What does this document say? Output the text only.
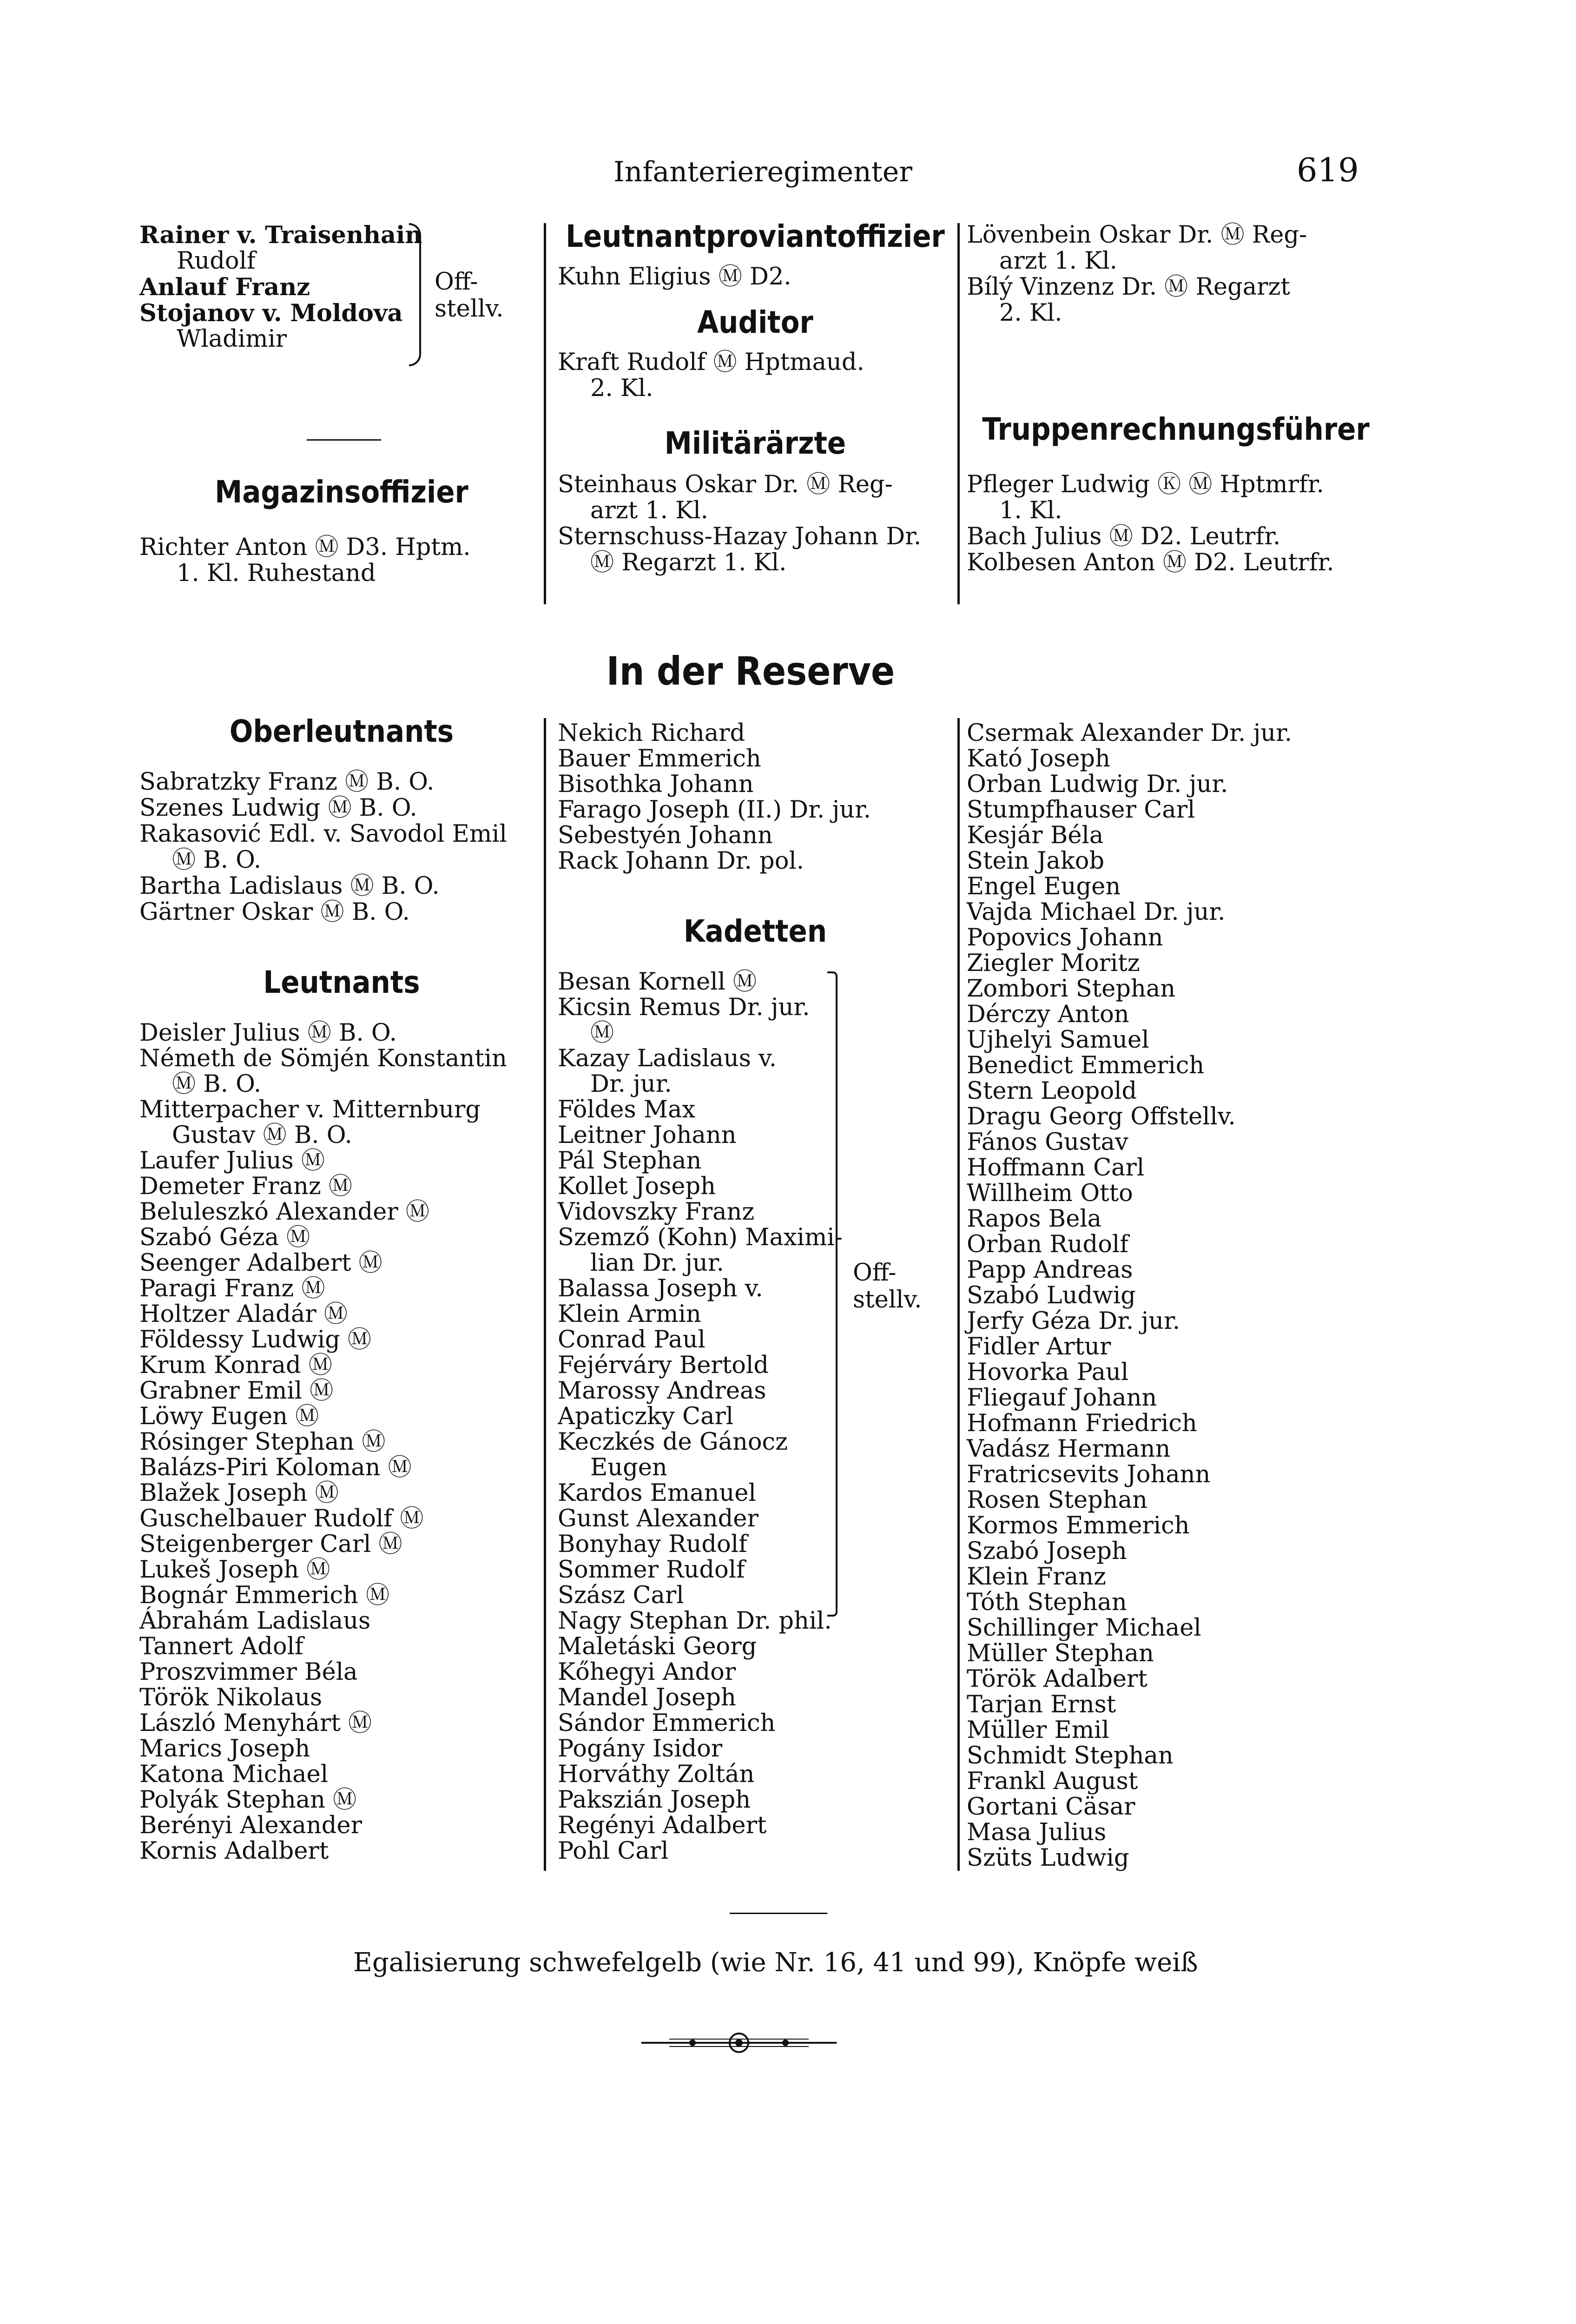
Infanterieregimenter	619
Rainer v. Traisenhain
Rudolf
Anlauf Franz
Stojanov v. Moldova
Wladimir
Off-
stellv.
Magazinsoffizier
Richter Anton Ⓜ D3. Hptm.
1. Kl. Ruhestand
Oberleutnants
Sabratzky Franz Ⓜ B. O.
Szenes Ludwig Ⓜ B. O.
Rakasović Edl. v. Savodol Emil
Ⓜ B. O.
Bartha Ladislaus Ⓜ B. O.
Gärtner Oskar Ⓜ B. O.
Leutnants
Deisler Julius Ⓜ B. O.
Németh de Sömjén Konstantin
Ⓜ B. O.
Mitterpacher v. Mitternburg
Gustav Ⓜ B. O.
Laufer Julius Ⓜ
Demeter Franz Ⓜ
Beluleszkó Alexander Ⓜ
Szabó Géza Ⓜ
Seenger Adalbert Ⓜ
Paragi Franz Ⓜ
Holtzer Aladár Ⓜ
Földessy Ludwig Ⓜ
Krum Konrad Ⓜ
Grabner Emil Ⓜ
Löwy Eugen Ⓜ
Rósinger Stephan Ⓜ
Balázs-Piri Koloman Ⓜ
Blažek Joseph Ⓜ
Guschelbauer Rudolf Ⓜ
Steigenberger Carl Ⓜ
Lukeš Joseph Ⓜ
Bognár Emmerich Ⓜ
Ábrahám Ladislaus
Tannert Adolf
Proszvimmer Béla
Török Nikolaus
László Menyhárt Ⓜ
Marics Joseph
Katona Michael
Polyák Stephan Ⓜ
Berényi Alexander
Kornis Adalbert
Leutnantproviantoffizier
Kuhn Eligius Ⓜ D2.
Auditor
Kraft Rudolf Ⓜ Hptmaud.
2. Kl.
Militärärzte
Steinhaus Oskar Dr. Ⓜ Reg-
arzt 1. Kl.
Sternschuss-Hazay Johann Dr.
Ⓜ Regarzt 1. Kl.
In der Reserve
Nekich Richard
Bauer Emmerich
Bisothka Johann
Farago Joseph (II.) Dr. jur.
Sebestyén Johann
Rack Johann Dr. pol.
Kadetten
Besan Kornell Ⓜ
Kicsin Remus Dr. jur.
Ⓜ
Kazay Ladislaus v.
Dr. jur.
Földes Max
Leitner Johann
Pál Stephan
Kollet Joseph
Vidovszky Franz
Szemző (Kohn) Maximi-
lian Dr. jur.
Balassa Joseph v.
Klein Armin
Conrad Paul
Fejérváry Bertold
Marossy Andreas
Apaticzky Carl
Keczkés de Gánocz
Eugen
Kardos Emanuel
Gunst Alexander
Bonyhay Rudolf
Sommer Rudolf
Szász Carl
Nagy Stephan Dr. phil.
Maletáski Georg
Kőhegyi Andor
Mandel Joseph
Sándor Emmerich
Pogány Isidor
Horváthy Zoltán
Pakszián Joseph
Regényi Adalbert
Pohl Carl
Off-
stellv.
Lövenbein Oskar Dr. Ⓜ Reg-
arzt 1. Kl.
Bílý Vinzenz Dr. Ⓜ Regarzt
2. Kl.
Truppenrechnungsführer
Pfleger Ludwig Ⓚ Ⓜ Hptmrfr.
1. Kl.
Bach Julius Ⓜ D2. Leutrfr.
Kolbesen Anton Ⓜ D2. Leutrfr.
Csermak Alexander Dr. jur.
Kató Joseph
Orban Ludwig Dr. jur.
Stumpfhauser Carl
Kesjár Béla
Stein Jakob
Engel Eugen
Vajda Michael Dr. jur.
Popovics Johann
Ziegler Moritz
Zombori Stephan
Dérczy Anton
Ujhelyi Samuel
Benedict Emmerich
Stern Leopold
Dragu Georg Offstellv.
Fános Gustav
Hoffmann Carl
Willheim Otto
Rapos Bela
Orban Rudolf
Papp Andreas
Szabó Ludwig
Jerfy Géza Dr. jur.
Fidler Artur
Hovorka Paul
Fliegauf Johann
Hofmann Friedrich
Vadász Hermann
Fratricsevits Johann
Rosen Stephan
Kormos Emmerich
Szabó Joseph
Klein Franz
Tóth Stephan
Schillinger Michael
Müller Stephan
Török Adalbert
Tarjan Ernst
Müller Emil
Schmidt Stephan
Frankl August
Gortani Cäsar
Masa Julius
Szüts Ludwig
Egalisierung schwefelgelb (wie Nr. 16, 41 und 99), Knöpfe weiß
